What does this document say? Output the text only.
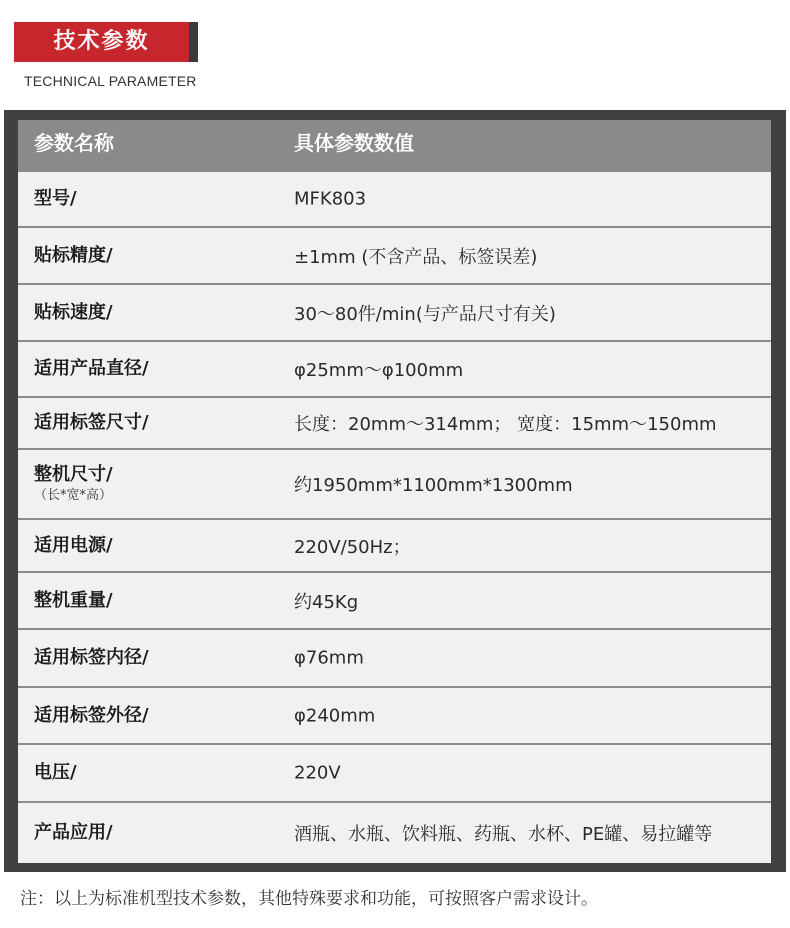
技术参数
TECHNICAL PARAMETER
参数名称	具体参数数值
型号/	MFK803
贴标精度/	±1mm (不含产品、标签误差)
贴标速度/	30～80件/min(与产品尺寸有关)
适用产品直径/	φ25mm～φ100mm
适用标签尺寸/	长度：20mm～314mm； 宽度：15mm～150mm
整机尺寸/
（长*宽*高）	约1950mm*1100mm*1300mm
适用电源/	220V/50Hz；
整机重量/	约45Kg
适用标签内径/	φ76mm
适用标签外径/	φ240mm
电压/	220V
产品应用/	酒瓶、水瓶、饮料瓶、药瓶、水杯、PE罐、易拉罐等
注：以上为标准机型技术参数，其他特殊要求和功能，可按照客户需求设计。
